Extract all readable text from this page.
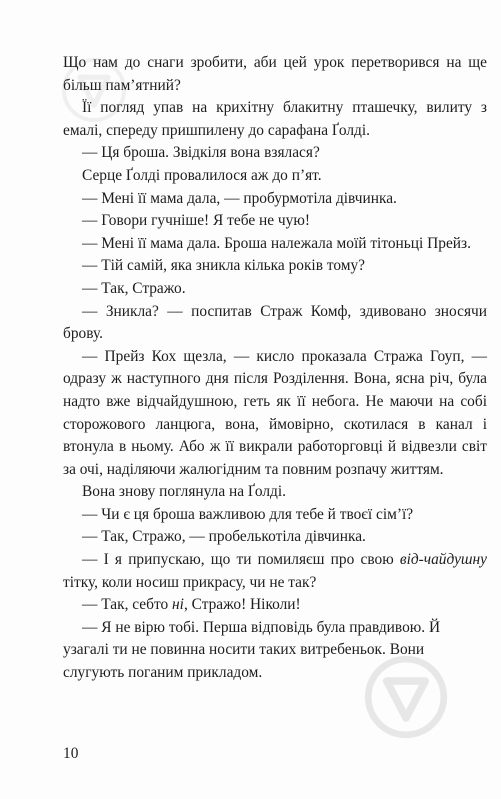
Що нам до снаги зробити, аби цей урок перетворився на ще більш пам’ятний?

Її погляд упав на крихітну блакитну пташечку, вилиту з емалі, спереду пришпилену до сарафана Ґолді.

— Ця броша. Звідкіля вона взялася?

Серце Ґолді провалилося аж до п’ят.

— Мені її мама дала, — пробурмотіла дівчинка.

— Говори гучніше! Я тебе не чую!

— Мені її мама дала. Броша належала моїй тітоньці Прейз.

— Тій самій, яка зникла кілька років тому?

— Так, Стражо.

— Зникла? — поспитав Страж Комф, здивовано зносячи брову.

— Прейз Кох щезла, — кисло проказала Стража Гоуп, — одразу ж наступного дня після Розділення. Вона, ясна річ, була надто вже відчайдушною, геть як її небога. Не маючи на собі сторожового ланцюга, вона, ймовірно, скотилася в канал і втонула в ньому. Або ж її викрали работорговці й відвезли світ за очі, наділяючи жалюгідним та повним розпачу життям.

Вона знову поглянула на Ґолді.

— Чи є ця броша важливою для тебе й твоєї сім’ї?

— Так, Стражо, — пробелькотіла дівчинка.

— І я припускаю, що ти помиляєш про свою від-чайдушну тітку, коли носиш прикрасу, чи не так?

— Так, себто ні, Стражо! Ніколи!

— Я не вірю тобі. Перша відповідь була правдивою. Й узагалі ти не повинна носити таких витребеньок. Вони слугують поганим прикладом.

10
